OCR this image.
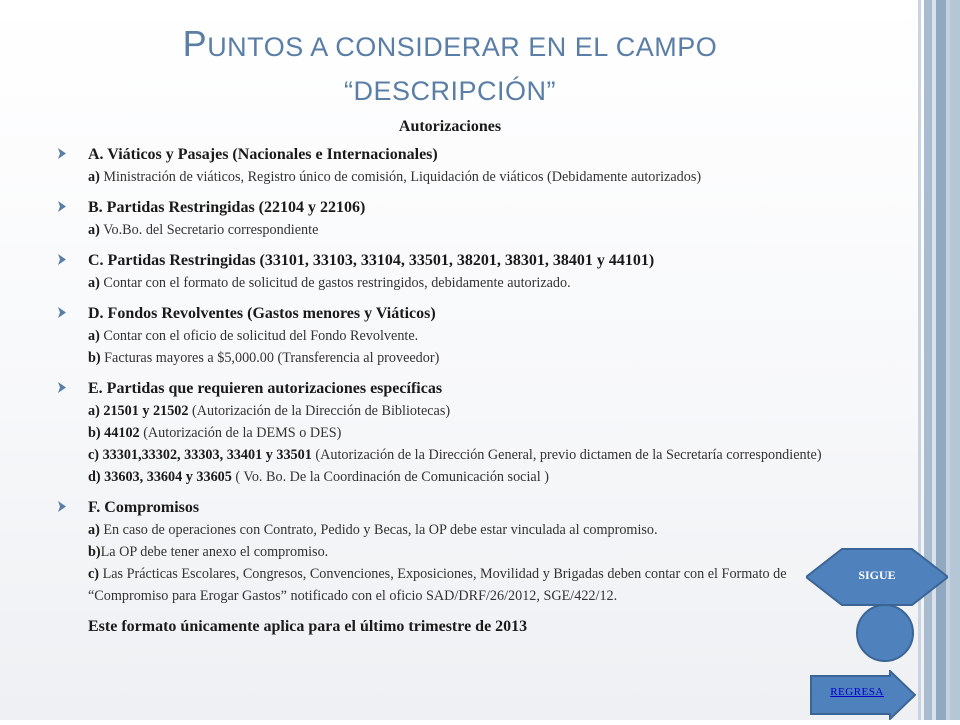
PUNTOS A CONSIDERAR EN EL CAMPO
“DESCRIPCIÓN”
Autorizaciones
A. Viáticos y Pasajes (Nacionales e Internacionales)
a) Ministración de viáticos, Registro único de comisión, Liquidación de viáticos (Debidamente autorizados)
B. Partidas Restringidas (22104 y 22106)
a) Vo.Bo. del Secretario correspondiente
C. Partidas Restringidas (33101, 33103, 33104, 33501, 38201, 38301, 38401 y 44101)
a) Contar con el formato de solicitud de gastos restringidos, debidamente autorizado.
D. Fondos Revolventes (Gastos menores y Viáticos)
a) Contar con el oficio de solicitud del Fondo Revolvente.
b) Facturas mayores a $5,000.00 (Transferencia al proveedor)
E. Partidas que requieren autorizaciones específicas
a) 21501 y 21502 (Autorización de la Dirección de Bibliotecas)
b) 44102 (Autorización de la DEMS o DES)
c) 33301,33302, 33303, 33401 y 33501 (Autorización de la Dirección General, previo dictamen de la Secretaría correspondiente)
d) 33603, 33604 y 33605 ( Vo. Bo. De la Coordinación de Comunicación social )
F. Compromisos
a) En caso de operaciones con Contrato, Pedido y Becas, la OP debe estar vinculada al compromiso.
b)La OP debe tener anexo el compromiso.
c) Las Prácticas Escolares, Congresos, Convenciones, Exposiciones, Movilidad y Brigadas deben contar con el Formato de “Compromiso para Erogar Gastos” notificado con el oficio SAD/DRF/26/2012, SGE/422/12.
Este formato únicamente aplica para el último trimestre de 2013
SIGUE
REGRESA
